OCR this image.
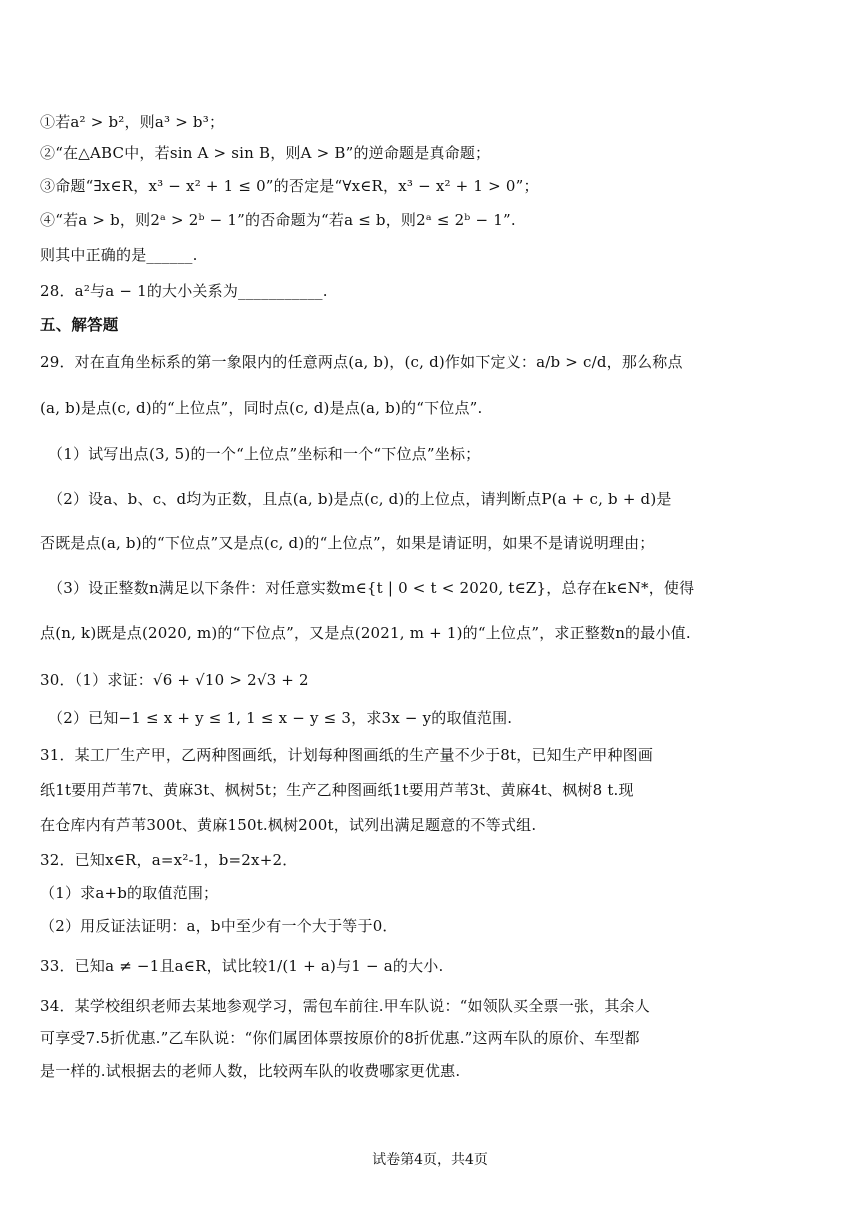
①若a² > b²，则a³ > b³；
②“在△ABC中，若sin A > sin B，则A > B”的逆命题是真命题；
③命题“∃x∈R，x³ − x² + 1 ≤ 0”的否定是“∀x∈R，x³ − x² + 1 > 0”；
④“若a > b，则2ᵃ > 2ᵇ − 1”的否命题为“若a ≤ b，则2ᵃ ≤ 2ᵇ − 1”.
则其中正确的是______.
28．a²与a − 1的大小关系为___________.
五、解答题
29．对在直角坐标系的第一象限内的任意两点(a, b)，(c, d)作如下定义：a/b > c/d，那么称点
(a, b)是点(c, d)的“上位点”，同时点(c, d)是点(a, b)的“下位点”.
（1）试写出点(3, 5)的一个“上位点”坐标和一个“下位点”坐标；
（2）设a、b、c、d均为正数，且点(a, b)是点(c, d)的上位点，请判断点P(a + c, b + d)是
否既是点(a, b)的“下位点”又是点(c, d)的“上位点”，如果是请证明，如果不是请说明理由；
（3）设正整数n满足以下条件：对任意实数m∈{t | 0 < t < 2020, t∈Z}，总存在k∈N*，使得
点(n, k)既是点(2020, m)的“下位点”，又是点(2021, m + 1)的“上位点”，求正整数n的最小值.
30．（1）求证：√6 + √10 > 2√3 + 2
（2）已知−1 ≤ x + y ≤ 1, 1 ≤ x − y ≤ 3，求3x − y的取值范围.
31．某工厂生产甲，乙两种图画纸，计划每种图画纸的生产量不少于8t，已知生产甲种图画
纸1t要用芦苇7t、黄麻3t、枫树5t；生产乙种图画纸1t要用芦苇3t、黄麻4t、枫树8 t.现
在仓库内有芦苇300t、黄麻150t.枫树200t，试列出满足题意的不等式组.
32．已知x∈R，a=x²-1，b=2x+2．
（1）求a+b的取值范围；
（2）用反证法证明：a，b中至少有一个大于等于0．
33．已知a ≠ −1且a∈R，试比较1/(1 + a)与1 − a的大小.
34．某学校组织老师去某地参观学习，需包车前往.甲车队说：“如领队买全票一张，其余人
可享受7.5折优惠.”乙车队说：“你们属团体票按原价的8折优惠.”这两车队的原价、车型都
是一样的.试根据去的老师人数，比较两车队的收费哪家更优惠.
试卷第4页，共4页
